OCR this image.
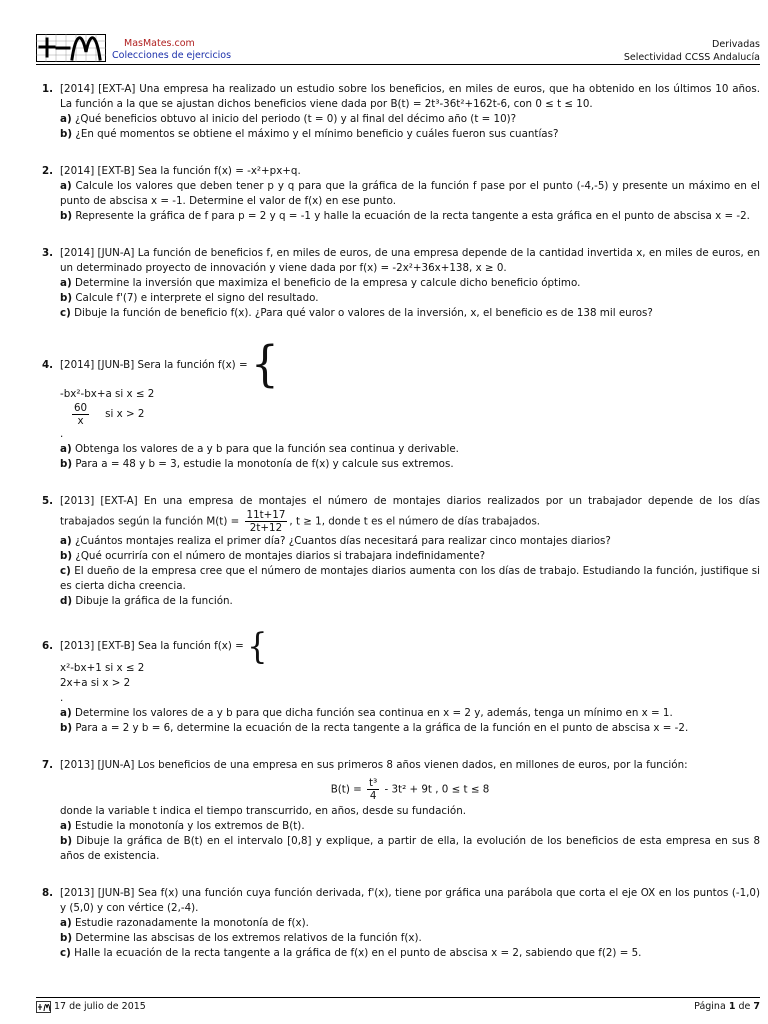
MasMates.com
Colecciones de ejercicios
Derivadas
Selectividad CCSS Andalucía

1. [2014] [EXT-A] Una empresa ha realizado un estudio sobre los beneficios, en miles de euros, que ha obtenido en los últimos 10 años. La función a la que se ajustan dichos beneficios viene dada por B(t) = 2t³-36t²+162t-6, con 0 ≤ t ≤ 10.

a) ¿Qué beneficios obtuvo al inicio del periodo (t = 0) y al final del décimo año (t = 10)?

b) ¿En qué momentos se obtiene el máximo y el mínimo beneficio y cuáles fueron sus cuantías?

2. [2014] [EXT-B] Sea la función f(x) = -x²+px+q.

a) Calcule los valores que deben tener p y q para que la gráfica de la función f pase por el punto (-4,-5) y presente un máximo en el punto de abscisa x = -1. Determine el valor de f(x) en ese punto.

b) Represente la gráfica de f para p = 2 y q = -1 y halle la ecuación de la recta tangente a esta gráfica en el punto de abscisa x = -2.

3. [2014] [JUN-A] La función de beneficios f, en miles de euros, de una empresa depende de la cantidad invertida x, en miles de euros, en un determinado proyecto de innovación y viene dada por f(x) = -2x²+36x+138, x ≥ 0.

a) Determine la inversión que maximiza el beneficio de la empresa y calcule dicho beneficio óptimo.

b) Calcule f'(7) e interprete el signo del resultado.

c) Dibuje la función de beneficio f(x). ¿Para qué valor o valores de la inversión, x, el beneficio es de 138 mil euros?

4. [2014] [JUN-B] Sera la función f(x) = {

-bx²-bx+a si x ≤ 2
$\frac{60}{x}$ si x > 2
.

a) Obtenga los valores de a y b para que la función sea continua y derivable.

b) Para a = 48 y b = 3, estudie la monotonía de f(x) y calcule sus extremos.

5. [2013] [EXT-A] En una empresa de montajes el número de montajes diarios realizados por un trabajador depende de los días trabajados según la función $M(t) = \frac{11t+17}{2t+12}$ , t ≥ 1, donde t es el número de días trabajados.

a) ¿Cuántos montajes realiza el primer día? ¿Cuantos días necesitará para realizar cinco montajes diarios?

b) ¿Qué ocurriría con el número de montajes diarios si trabajara indefinidamente?

c) El dueño de la empresa cree que el número de montajes diarios aumenta con los días de trabajo. Estudiando la función, justifique si es cierta dicha creencia.

d) Dibuje la gráfica de la función.

6. [2013] [EXT-B] Sea la función f(x) = {

x²-bx+1 si x ≤ 2
2x+a si x > 2
.

a) Determine los valores de a y b para que dicha función sea continua en x = 2 y, además, tenga un mínimo en x = 1.

b) Para a = 2 y b = 6, determine la ecuación de la recta tangente a la gráfica de la función en el punto de abscisa x = -2.

7. [2013] [JUN-A] Los beneficios de una empresa en sus primeros 8 años vienen dados, en millones de euros, por la función:

$B(t) = \frac{\text{t³}}{4} - 3t^2 + 9t$ , 0 ≤ t ≤ 8

donde la variable t indica el tiempo transcurrido, en años, desde su fundación.

a) Estudie la monotonía y los extremos de B(t).

b) Dibuje la gráfica de B(t) en el intervalo [0,8] y explique, a partir de ella, la evolución de los beneficios de esta empresa en sus 8 años de existencia.

8. [2013] [JUN-B] Sea f(x) una función cuya función derivada, f'(x), tiene por gráfica una parábola que corta el eje OX en los puntos (-1,0) y (5,0) y con vértice (2,-4).

a) Estudie razonadamente la monotonía de f(x).

b) Determine las abscisas de los extremos relativos de la función f(x).

c) Halle la ecuación de la recta tangente a la gráfica de f(x) en el punto de abscisa x = 2, sabiendo que f(2) = 5.

17 de julio de 2015	Página 1 de 7
